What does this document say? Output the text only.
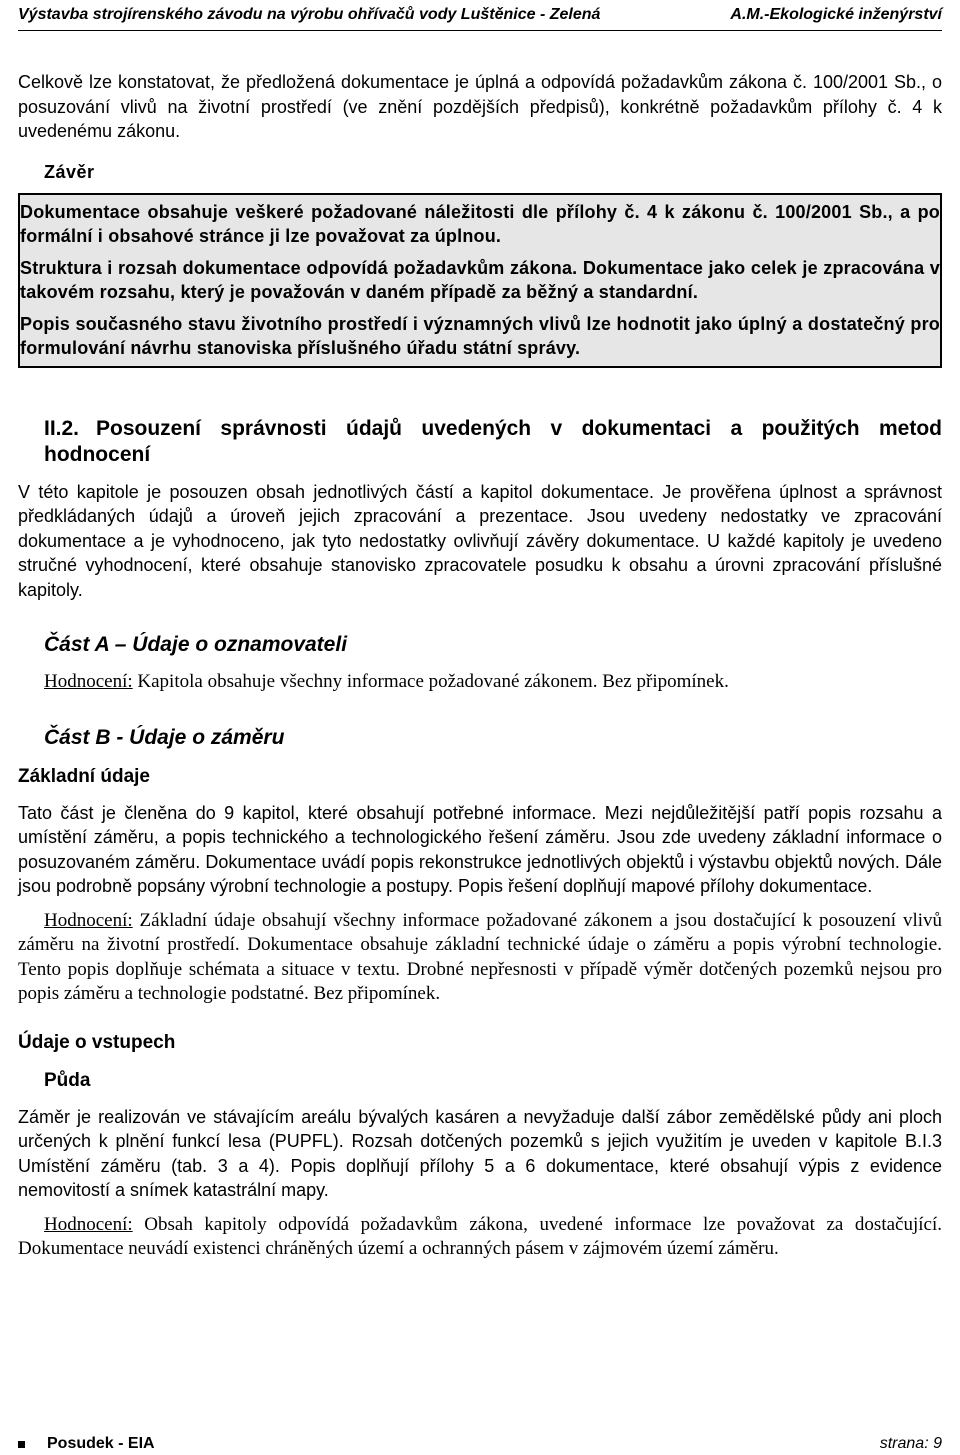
Výstavba strojírenského závodu na výrobu ohřívačů vody Luštěnice - Zelená	A.M.-Ekologické inženýrství

Celkově lze konstatovat, že předložená dokumentace je úplná a odpovídá požadavkům zákona č. 100/2001 Sb., o posuzování vlivů na životní prostředí (ve znění pozdějších předpisů), konkrétně požadavkům přílohy č. 4 k uvedenému zákonu.

Závěr

Dokumentace obsahuje veškeré požadované náležitosti dle přílohy č. 4 k zákonu č. 100/2001 Sb., a po formální i obsahové stránce ji lze považovat za úplnou.

Struktura i rozsah dokumentace odpovídá požadavkům zákona. Dokumentace jako celek je zpracována v takovém rozsahu, který je považován v daném případě za běžný a standardní.

Popis současného stavu životního prostředí i významných vlivů lze hodnotit jako úplný a dostatečný pro formulování návrhu stanoviska příslušného úřadu státní správy.

II.2. Posouzení správnosti údajů uvedených v dokumentaci a použitých metod hodnocení

V této kapitole je posouzen obsah jednotlivých částí a kapitol dokumentace. Je prověřena úplnost a správnost předkládaných údajů a úroveň jejich zpracování a prezentace. Jsou uvedeny nedostatky ve zpracování dokumentace a je vyhodnoceno, jak tyto nedostatky ovlivňují závěry dokumentace. U každé kapitoly je uvedeno stručné vyhodnocení, které obsahuje stanovisko zpracovatele posudku k obsahu a úrovni zpracování příslušné kapitoly.

Část A – Údaje o oznamovateli

Hodnocení: Kapitola obsahuje všechny informace požadované zákonem. Bez připomínek.

Část B - Údaje o záměru
Základní údaje

Tato část je členěna do 9 kapitol, které obsahují potřebné informace. Mezi nejdůležitější patří popis rozsahu a umístění záměru, a popis technického a technologického řešení záměru. Jsou zde uvedeny základní informace o posuzovaném záměru. Dokumentace uvádí popis rekonstrukce jednotlivých objektů i výstavbu objektů nových. Dále jsou podrobně popsány výrobní technologie a postupy. Popis řešení doplňují mapové přílohy dokumentace.

Hodnocení: Základní údaje obsahují všechny informace požadované zákonem a jsou dostačující k posouzení vlivů záměru na životní prostředí. Dokumentace obsahuje základní technické údaje o záměru a popis výrobní technologie. Tento popis doplňuje schémata a situace v textu. Drobné nepřesnosti v případě výměr dotčených pozemků nejsou pro popis záměru a technologie podstatné. Bez připomínek.

Údaje o vstupech
Půda

Záměr je realizován ve stávajícím areálu bývalých kasáren a nevyžaduje další zábor zemědělské půdy ani ploch určených k plnění funkcí lesa (PUPFL). Rozsah dotčených pozemků s jejich využitím je uveden v kapitole B.I.3 Umístění záměru (tab. 3 a 4). Popis doplňují přílohy 5 a 6 dokumentace, které obsahují výpis z evidence nemovitostí a snímek katastrální mapy.

Hodnocení: Obsah kapitoly odpovídá požadavkům zákona, uvedené informace lze považovat za dostačující. Dokumentace neuvádí existenci chráněných území a ochranných pásem v zájmovém území záměru.

Posudek - EIA	strana: 9
